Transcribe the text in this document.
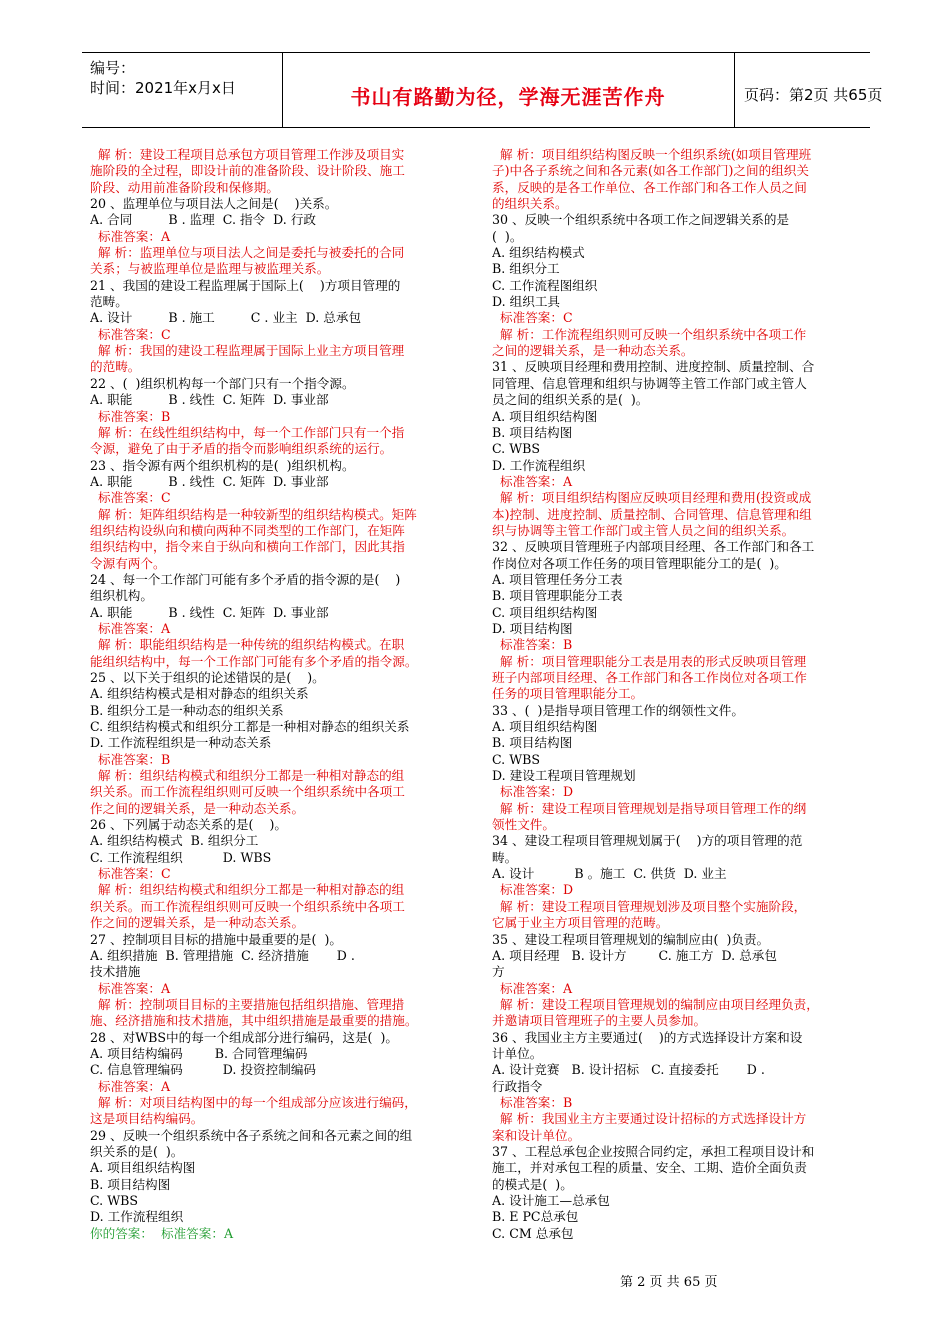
编号：
时间：2021年x月x日	书山有路勤为径，学海无涯苦作舟	页码：第2页 共65页
解 析：建设工程项目总承包方项目管理工作涉及项目实
施阶段的全过程，即设计前的准备阶段、设计阶段、施工
阶段、动用前准备阶段和保修期。
20 、监理单位与项目法人之间是(    )关系。
A. 合同         B . 监理  C. 指令  D. 行政
标准答案：A
解 析：监理单位与项目法人之间是委托与被委托的合同
关系；与被监理单位是监理与被监理关系。
21 、我国的建设工程监理属于国际上(    )方项目管理的
范畴。
A. 设计         B . 施工         C . 业主  D. 总承包
标准答案：C
解 析：我国的建设工程监理属于国际上业主方项目管理
的范畴。
22 、(  )组织机构每一个部门只有一个指令源。
A. 职能         B . 线性  C. 矩阵  D. 事业部
标准答案：B
解 析：在线性组织结构中，每一个工作部门只有一个指
令源，避免了由于矛盾的指令而影响组织系统的运行。
23 、指令源有两个组织机构的是(  )组织机构。
A. 职能         B . 线性  C. 矩阵  D. 事业部
标准答案：C
解 析：矩阵组织结构是一种较新型的组织结构模式。矩阵
组织结构设纵向和横向两种不同类型的工作部门，在矩阵
组织结构中，指令来自于纵向和横向工作部门，因此其指
令源有两个。
24 、每一个工作部门可能有多个矛盾的指令源的是(    )
组织机构。
A. 职能         B . 线性  C. 矩阵  D. 事业部
标准答案：A
解 析：职能组织结构是一种传统的组织结构模式。在职
能组织结构中，每一个工作部门可能有多个矛盾的指令源。
25 、以下关于组织的论述错误的是(    )。
A. 组织结构模式是相对静态的组织关系
B. 组织分工是一种动态的组织关系
C. 组织结构模式和组织分工都是一种相对静态的组织关系
D. 工作流程组织是一种动态关系
标准答案：B
解 析：组织结构模式和组织分工都是一种相对静态的组
织关系。而工作流程组织则可反映一个组织系统中各项工
作之间的逻辑关系，是一种动态关系。
26 、下列属于动态关系的是(    )。
A. 组织结构模式  B. 组织分工
C. 工作流程组织          D. WBS
标准答案：C
解 析：组织结构模式和组织分工都是一种相对静态的组
织关系。而工作流程组织则可反映一个组织系统中各项工
作之间的逻辑关系，是一种动态关系。
27 、控制项目目标的措施中最重要的是(  )。
A. 组织措施  B. 管理措施  C. 经济措施       D .
技术措施
标准答案：A
解 析：控制项目目标的主要措施包括组织措施、管理措
施、经济措施和技术措施，其中组织措施是最重要的措施。
28 、对WBS中的每一个组成部分进行编码，这是(  )。
A. 项目结构编码        B. 合同管理编码
C. 信息管理编码          D. 投资控制编码
标准答案：A
解 析：对项目结构图中的每一个组成部分应该进行编码，
这是项目结构编码。
29 、反映一个组织系统中各子系统之间和各元素之间的组
织关系的是(  )。
A. 项目组织结构图
B. 项目结构图
C. WBS
D. 工作流程组织
你的答案：  标准答案：A
解 析：项目组织结构图反映一个组织系统(如项目管理班
子)中各子系统之间和各元素(如各工作部门)之间的组织关
系，反映的是各工作单位、各工作部门和各工作人员之间
的组织关系。
30 、反映一个组织系统中各项工作之间逻辑关系的是
(  )。
A. 组织结构模式
B. 组织分工
C. 工作流程图组织
D. 组织工具
标准答案：C
解 析：工作流程组织则可反映一个组织系统中各项工作
之间的逻辑关系，是一种动态关系。
31 、反映项目经理和费用控制、进度控制、质量控制、合
同管理、信息管理和组织与协调等主管工作部门或主管人
员之间的组织关系的是(  )。
A. 项目组织结构图
B. 项目结构图
C. WBS
D. 工作流程组织
标准答案：A
解 析：项目组织结构图应反映项目经理和费用(投资或成
本)控制、进度控制、质量控制、合同管理、信息管理和组
织与协调等主管工作部门或主管人员之间的组织关系。
32 、反映项目管理班子内部项目经理、各工作部门和各工
作岗位对各项工作任务的项目管理职能分工的是(  )。
A. 项目管理任务分工表
B. 项目管理职能分工表
C. 项目组织结构图
D. 项目结构图
标准答案：B
解 析：项目管理职能分工表是用表的形式反映项目管理
班子内部项目经理、各工作部门和各工作岗位对各项工作
任务的项目管理职能分工。
33 、(  )是指导项目管理工作的纲领性文件。
A. 项目组织结构图
B. 项目结构图
C. WBS
D. 建设工程项目管理规划
标准答案：D
解 析：建设工程项目管理规划是指导项目管理工作的纲
领性文件。
34 、建设工程项目管理规划属于(    )方的项目管理的范
畴。
A. 设计          B 。施工  C. 供货  D. 业主
标准答案：D
解 析：建设工程项目管理规划涉及项目整个实施阶段，
它属于业主方项目管理的范畴。
35 、建设工程项目管理规划的编制应由(  )负责。
A. 项目经理   B. 设计方        C. 施工方  D. 总承包
方
标准答案：A
解 析：建设工程项目管理规划的编制应由项目经理负责，
并邀请项目管理班子的主要人员参加。
36 、我国业主方主要通过(    )的方式选择设计方案和设
计单位。
A. 设计竞赛   B. 设计招标   C. 直接委托       D .
行政指令
标准答案：B
解 析：我国业主方主要通过设计招标的方式选择设计方
案和设计单位。
37 、工程总承包企业按照合同约定，承担工程项目设计和
施工，并对承包工程的质量、安全、工期、造价全面负责
的模式是(  )。
A. 设计施工—总承包
B. E PC总承包
C. CM 总承包
第 2 页 共 65 页
